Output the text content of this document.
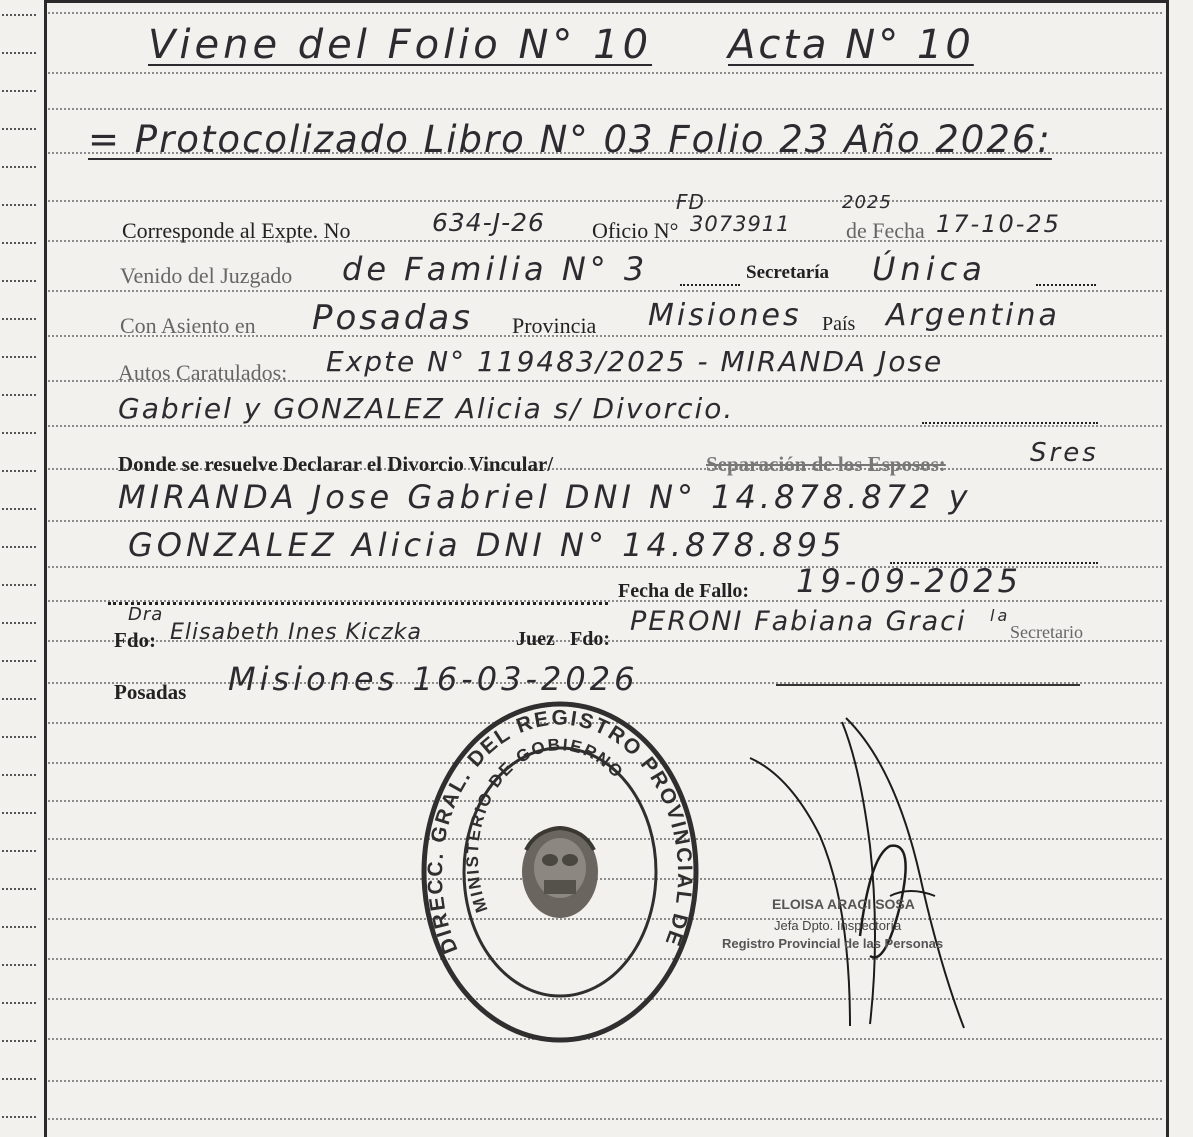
Viene del Folio N° 10 Acta N° 10
= Protocolizado Libro N° 03 Folio 23 Año 2026:
Corresponde al Expte. No	634-J-26 Oficio N°
FD
3073911
2025
de Fecha 17-10-25
Venido del Juzgado de Familia N° 3	Secretaría Única
Con Asiento en Posadas Provincia Misiones País Argentina
Autos Caratulados: Expte N° 119483/2025 - MIRANDA Jose
Gabriel y GONZALEZ Alicia s/ Divorcio.
Donde se resuelve Declarar el Divorcio Vincular/	Separación de los Esposos:	Sres
MIRANDA Jose Gabriel DNI N° 14.878.872 y
GONZALEZ Alicia DNI N° 14.878.895
Fecha de Fallo: 19-09-2025
Dra
Fdo: Elisabeth Ines Kiczka	Juez Fdo:
PERONI Fabiana Graci la
Secretario
Posadas Misiones 16-03-2026
DIRECC. GRAL. DEL REGISTRO PROVINCIAL DE
MINISTERIO DE GOBIERNO
ELOISA ARACI SOSA
Jefa Dpto. Inspectoría
Registro Provincial de las Personas
